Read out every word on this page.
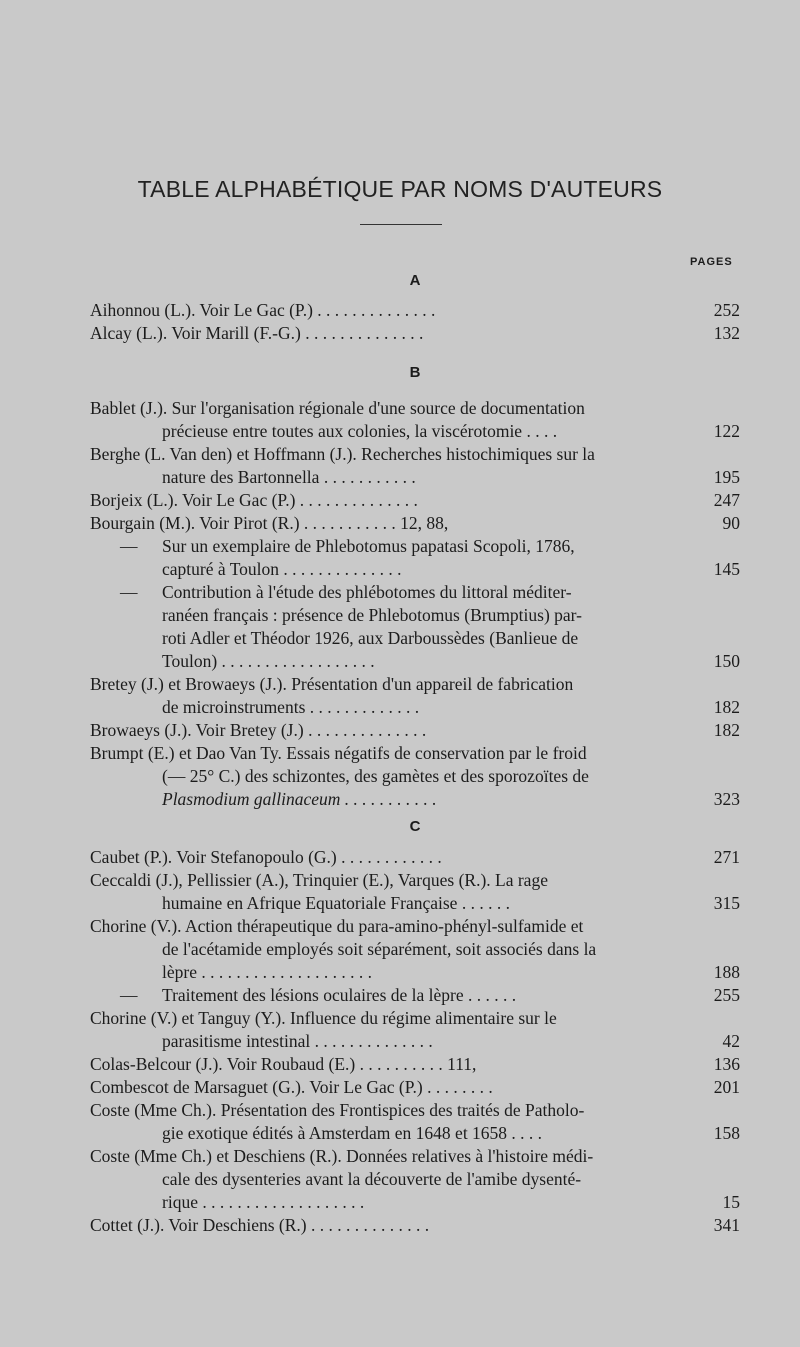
TABLE ALPHABÉTIQUE PAR NOMS D'AUTEURS
PAGES
A
Aihonnou (L.). Voir Le Gac (P.) . . . . . . . . . . . . . .	252
Alcay (L.). Voir Marill (F.-G.) . . . . . . . . . . . . . .	132
B
Bablet (J.). Sur l'organisation régionale d'une source de documentation
précieuse entre toutes aux colonies, la viscérotomie . . . .	122
Berghe (L. Van den) et Hoffmann (J.). Recherches histochimiques sur la
nature des Bartonnella . . . . . . . . . . .	195
Borjeix (L.). Voir Le Gac (P.) . . . . . . . . . . . . . .	247
Bourgain (M.). Voir Pirot (R.) . . . . . . . . . . . 12, 88,	90
— Sur un exemplaire de Phlebotomus papatasi Scopoli, 1786,
capturé à Toulon . . . . . . . . . . . . . .	145
— Contribution à l'étude des phlébotomes du littoral méditer-
ranéen français : présence de Phlebotomus (Brumptius) par-
roti Adler et Théodor 1926, aux Darboussèdes (Banlieue de
Toulon) . . . . . . . . . . . . . . . . . .	150
Bretey (J.) et Browaeys (J.). Présentation d'un appareil de fabrication
de microinstruments . . . . . . . . . . . . .	182
Browaeys (J.). Voir Bretey (J.) . . . . . . . . . . . . . .	182
Brumpt (E.) et Dao Van Ty. Essais négatifs de conservation par le froid
(— 25° C.) des schizontes, des gamètes et des sporozoïtes de
Plasmodium gallinaceum . . . . . . . . . . .	323
C
Caubet (P.). Voir Stefanopoulo (G.) . . . . . . . . . . . .	271
Ceccaldi (J.), Pellissier (A.), Trinquier (E.), Varques (R.). La rage
humaine en Afrique Equatoriale Française . . . . . .	315
Chorine (V.). Action thérapeutique du para-amino-phényl-sulfamide et
de l'acétamide employés soit séparément, soit associés dans la
lèpre . . . . . . . . . . . . . . . . . . . .	188
— Traitement des lésions oculaires de la lèpre . . . . . .	255
Chorine (V.) et Tanguy (Y.). Influence du régime alimentaire sur le
parasitisme intestinal . . . . . . . . . . . . . .	42
Colas-Belcour (J.). Voir Roubaud (E.) . . . . . . . . . . 111,	136
Combescot de Marsaguet (G.). Voir Le Gac (P.) . . . . . . . .	201
Coste (Mme Ch.). Présentation des Frontispices des traités de Patholo-
gie exotique édités à Amsterdam en 1648 et 1658 . . . .	158
Coste (Mme Ch.) et Deschiens (R.). Données relatives à l'histoire médi-
cale des dysenteries avant la découverte de l'amibe dysenté-
rique . . . . . . . . . . . . . . . . . . .	15
Cottet (J.). Voir Deschiens (R.) . . . . . . . . . . . . . .	341
